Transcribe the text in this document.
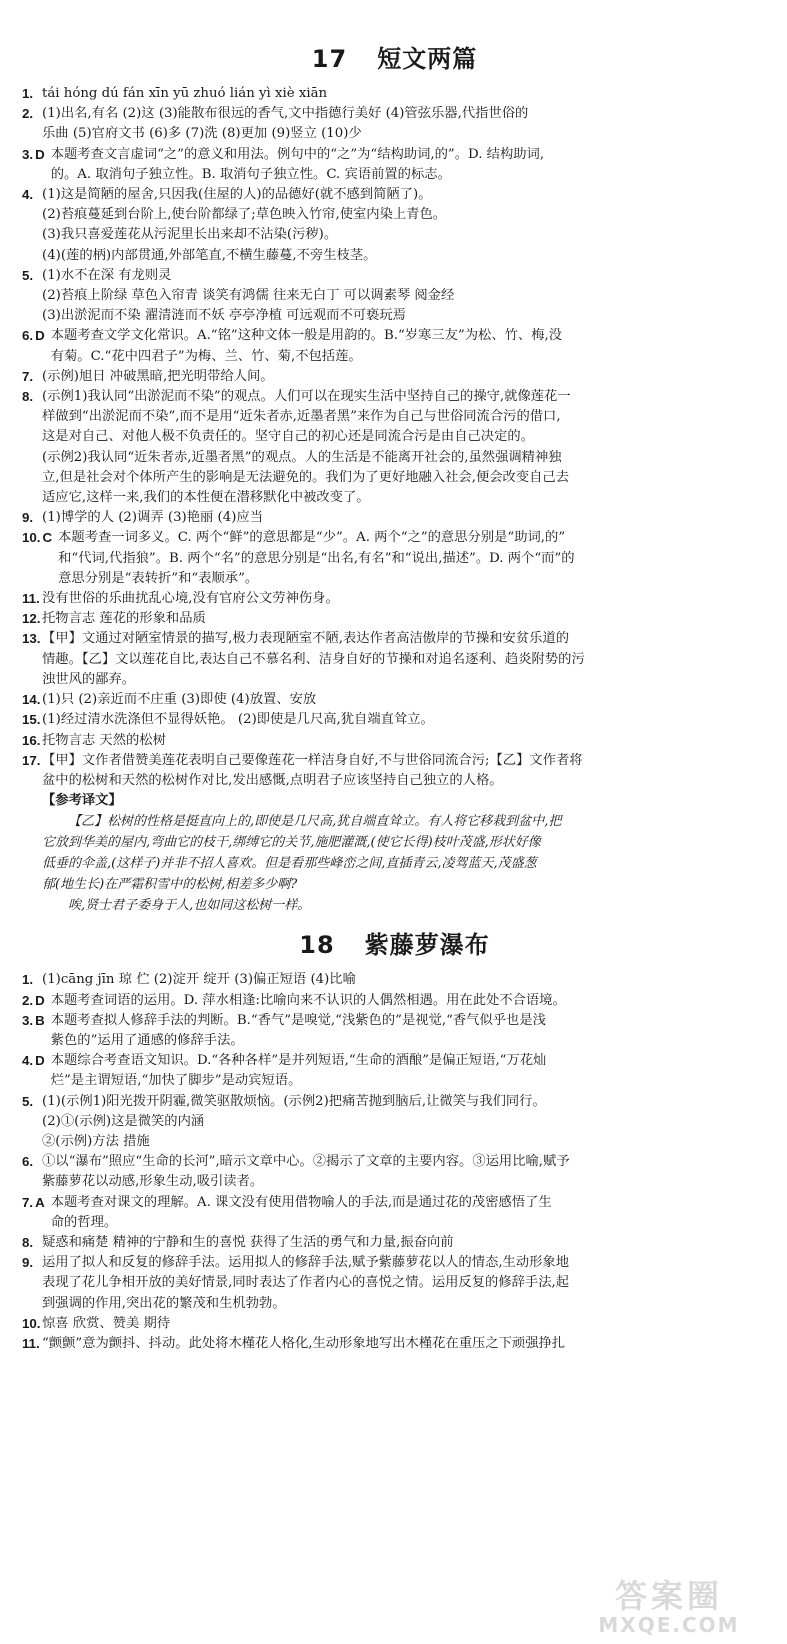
17 短文两篇
1. tái hóng dú fán xīn yū zhuó lián yì xiè xiān
2. (1)出名,有名 (2)这 (3)能散布很远的香气,文中指德行美好 (4)管弦乐器,代指世俗的
乐曲 (5)官府文书 (6)多 (7)洗 (8)更加 (9)竖立 (10)少
3. D 本题考查文言虚词“之”的意义和用法。例句中的“之”为“结构助词,的”。D. 结构助词,
的。A. 取消句子独立性。B. 取消句子独立性。C. 宾语前置的标志。
4. (1)这是简陋的屋舍,只因我(住屋的人)的品德好(就不感到简陋了)。
(2)苔痕蔓延到台阶上,使台阶都绿了;草色映入竹帘,使室内染上青色。
(3)我只喜爱莲花从污泥里长出来却不沾染(污秽)。
(4)(莲的柄)内部贯通,外部笔直,不横生藤蔓,不旁生枝茎。
5. (1)水不在深 有龙则灵
(2)苔痕上阶绿 草色入帘青 谈笑有鸿儒 往来无白丁 可以调素琴 阅金经
(3)出淤泥而不染 濯清涟而不妖 亭亭净植 可远观而不可亵玩焉
6. D 本题考查文学文化常识。A.“铭”这种文体一般是用韵的。B.“岁寒三友”为松、竹、梅,没
有菊。C.“花中四君子”为梅、兰、竹、菊,不包括莲。
7. (示例)旭日 冲破黑暗,把光明带给人间。
8. (示例1)我认同“出淤泥而不染”的观点。人们可以在现实生活中坚持自己的操守,就像莲花一
样做到“出淤泥而不染”,而不是用“近朱者赤,近墨者黑”来作为自己与世俗同流合污的借口,
这是对自己、对他人极不负责任的。坚守自己的初心还是同流合污是由自己决定的。
(示例2)我认同“近朱者赤,近墨者黑”的观点。人的生活是不能离开社会的,虽然强调精神独
立,但是社会对个体所产生的影响是无法避免的。我们为了更好地融入社会,便会改变自己去
适应它,这样一来,我们的本性便在潜移默化中被改变了。
9. (1)博学的人 (2)调弄 (3)艳丽 (4)应当
10. C 本题考查一词多义。C. 两个“鲜”的意思都是“少”。A. 两个“之”的意思分别是“助词,的”
和“代词,代指狼”。B. 两个“名”的意思分别是“出名,有名”和“说出,描述”。D. 两个“而”的
意思分别是“表转折”和“表顺承”。
11. 没有世俗的乐曲扰乱心境,没有官府公文劳神伤身。
12. 托物言志 莲花的形象和品质
13. 【甲】文通过对陋室情景的描写,极力表现陋室不陋,表达作者高洁傲岸的节操和安贫乐道的
情趣。【乙】文以莲花自比,表达自己不慕名利、洁身自好的节操和对追名逐利、趋炎附势的污
浊世风的鄙弃。
14. (1)只 (2)亲近而不庄重 (3)即使 (4)放置、安放
15. (1)经过清水洗涤但不显得妖艳。 (2)即使是几尺高,犹自端直耸立。
16. 托物言志 天然的松树
17. 【甲】文作者借赞美莲花表明自己要像莲花一样洁身自好,不与世俗同流合污;【乙】文作者将
盆中的松树和天然的松树作对比,发出感慨,点明君子应该坚持自己独立的人格。
【参考译文】
【乙】松树的性格是挺直向上的,即使是几尺高,犹自端直耸立。有人将它移栽到盆中,把
它放到华美的屋内,弯曲它的枝干,绑缚它的关节,施肥灌溉,(使它长得)枝叶茂盛,形状好像
低垂的伞盖,(这样子)并非不招人喜欢。但是看那些峰峦之间,直插青云,凌驾蓝天,茂盛葱
郁(地生长)在严霜积雪中的松树,相差多少啊?
唉,贤士君子委身于人,也如同这松树一样。
18 紫藤萝瀑布
1. (1)cāng jīn 琼 伫 (2)淀开 绽开 (3)偏正短语 (4)比喻
2. D 本题考查词语的运用。D. 萍水相逢:比喻向来不认识的人偶然相遇。用在此处不合语境。
3. B 本题考查拟人修辞手法的判断。B.“香气”是嗅觉,“浅紫色的”是视觉,“香气似乎也是浅
紫色的”运用了通感的修辞手法。
4. D 本题综合考查语文知识。D.“各种各样”是并列短语,“生命的酒酿”是偏正短语,“万花灿
烂”是主谓短语,“加快了脚步”是动宾短语。
5. (1)(示例1)阳光拨开阴霾,微笑驱散烦恼。(示例2)把痛苦抛到脑后,让微笑与我们同行。
(2)①(示例)这是微笑的内涵
②(示例)方法 措施
6. ①以“瀑布”照应“生命的长河”,暗示文章中心。②揭示了文章的主要内容。③运用比喻,赋予
紫藤萝花以动感,形象生动,吸引读者。
7. A 本题考查对课文的理解。A. 课文没有使用借物喻人的手法,而是通过花的茂密感悟了生
命的哲理。
8. 疑惑和痛楚 精神的宁静和生的喜悦 获得了生活的勇气和力量,振奋向前
9. 运用了拟人和反复的修辞手法。运用拟人的修辞手法,赋予紫藤萝花以人的情态,生动形象地
表现了花儿争相开放的美好情景,同时表达了作者内心的喜悦之情。运用反复的修辞手法,起
到强调的作用,突出花的繁茂和生机勃勃。
10. 惊喜 欣赏、赞美 期待
11. “颤颤”意为颤抖、抖动。此处将木槿花人格化,生动形象地写出木槿花在重压之下顽强挣扎
答案圈
MXQE.COM
